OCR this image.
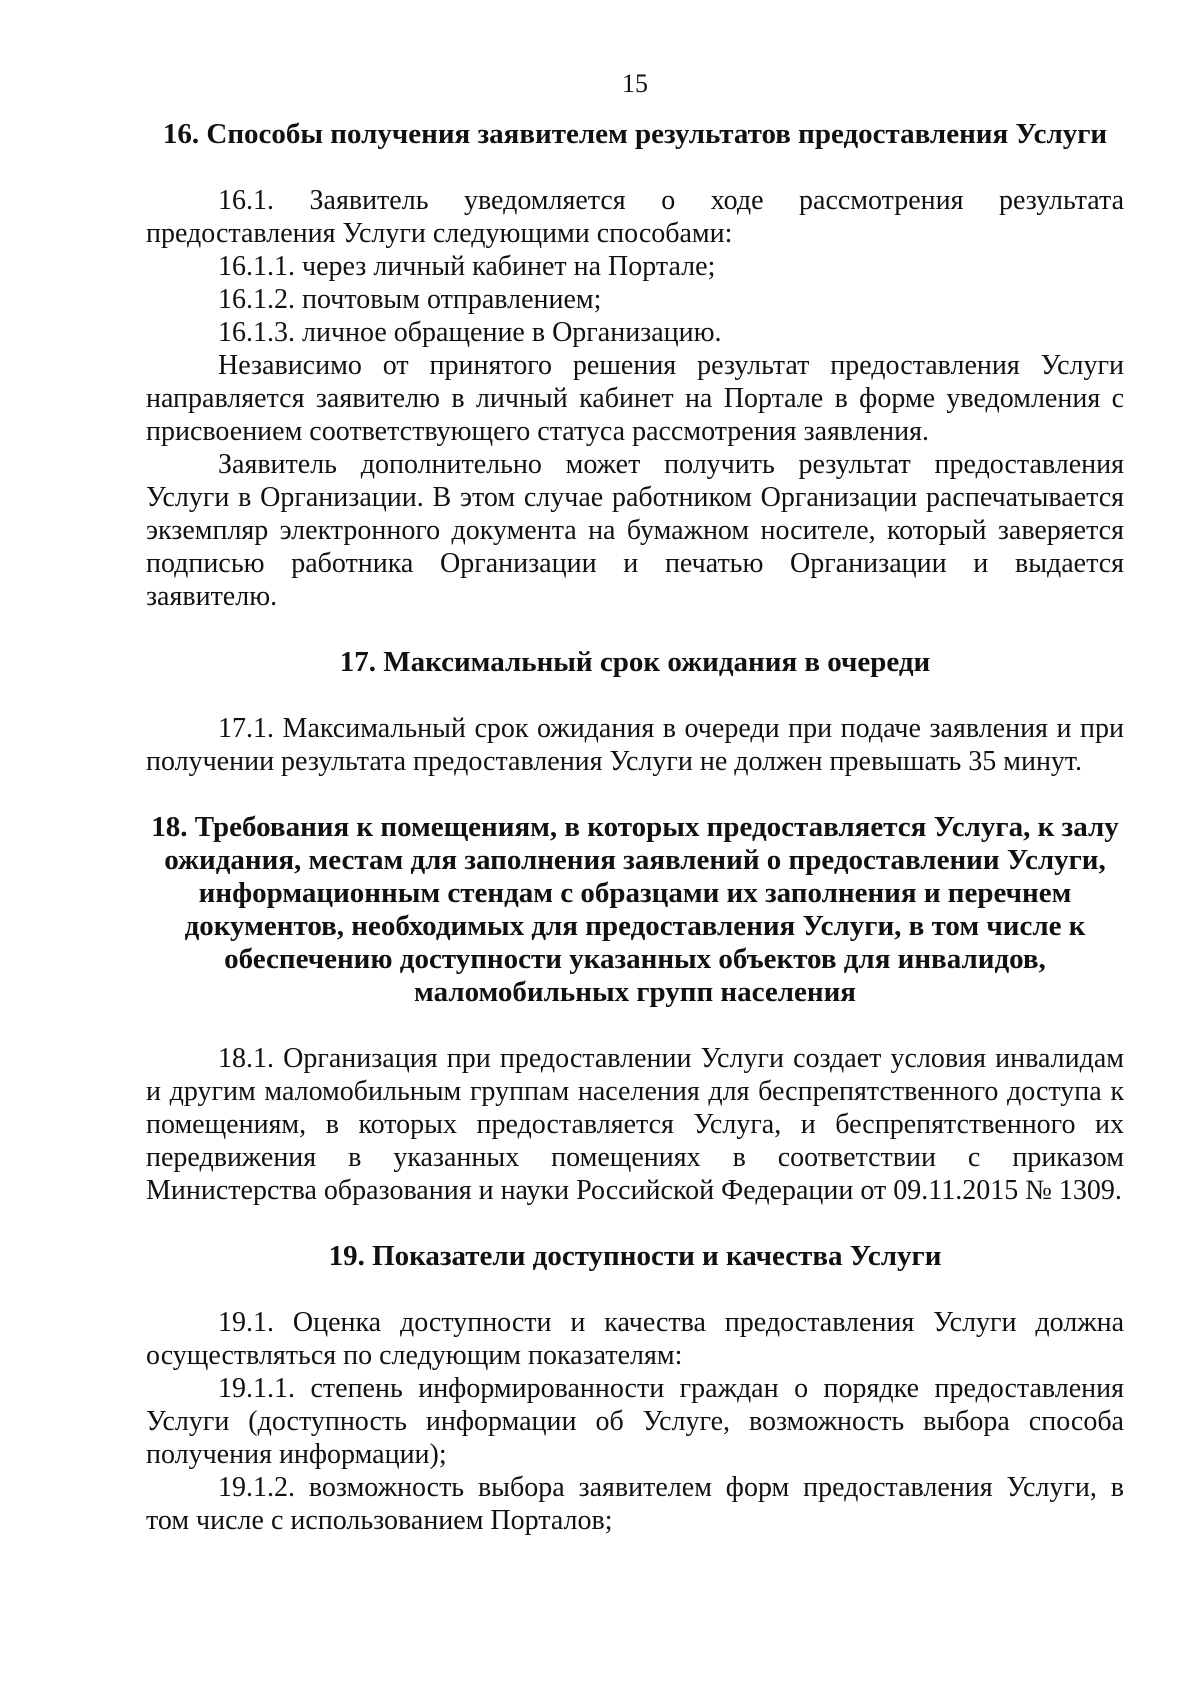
15
16. Способы получения заявителем результатов предоставления Услуги

16.1. Заявитель уведомляется о ходе рассмотрения результата предоставления Услуги следующими способами:

16.1.1. через личный кабинет на Портале;

16.1.2. почтовым отправлением;

16.1.3. личное обращение в Организацию.

Независимо от принятого решения результат предоставления Услуги направляется заявителю в личный кабинет на Портале в форме уведомления с присвоением соответствующего статуса рассмотрения заявления.

Заявитель дополнительно может получить результат предоставления Услуги в Организации. В этом случае работником Организации распечатывается экземпляр электронного документа на бумажном носителе, который заверяется подписью работника Организации и печатью Организации и выдается заявителю.

17. Максимальный срок ожидания в очереди

17.1. Максимальный срок ожидания в очереди при подаче заявления и при получении результата предоставления Услуги не должен превышать 35 минут.

18. Требования к помещениям, в которых предоставляется Услуга, к залу ожидания, местам для заполнения заявлений о предоставлении Услуги, информационным стендам с образцами их заполнения и перечнем документов, необходимых для предоставления Услуги, в том числе к обеспечению доступности указанных объектов для инвалидов, маломобильных групп населения

18.1. Организация при предоставлении Услуги создает условия инвалидам и другим маломобильным группам населения для беспрепятственного доступа к помещениям, в которых предоставляется Услуга, и беспрепятственного их передвижения в указанных помещениях в соответствии с приказом Министерства образования и науки Российской Федерации от 09.11.2015 № 1309.

19. Показатели доступности и качества Услуги

19.1. Оценка доступности и качества предоставления Услуги должна осуществляться по следующим показателям:

19.1.1. степень информированности граждан о порядке предоставления Услуги (доступность информации об Услуге, возможность выбора способа получения информации);

19.1.2. возможность выбора заявителем форм предоставления Услуги, в том числе с использованием Порталов;
